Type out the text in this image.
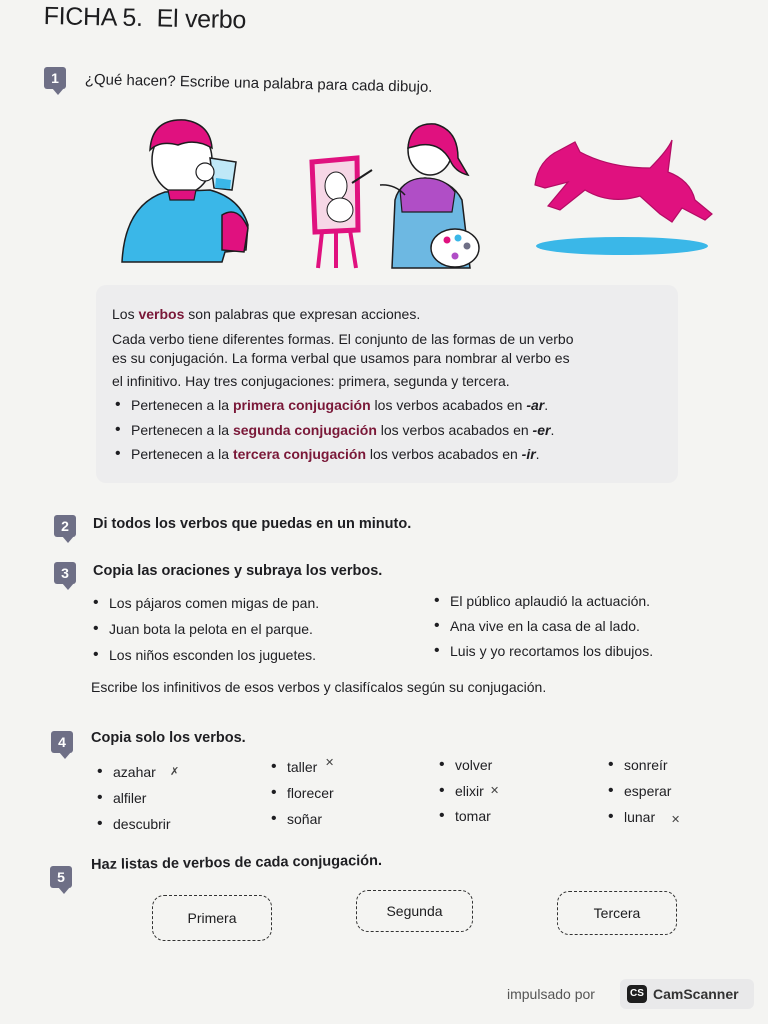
FICHA 5. El verbo
1	¿Qué hacen? Escribe una palabra para cada dibujo.
Los verbos son palabras que expresan acciones.
Cada verbo tiene diferentes formas. El conjunto de las formas de un verbo
es su conjugación. La forma verbal que usamos para nombrar al verbo es
el infinitivo. Hay tres conjugaciones: primera, segunda y tercera.
• Pertenecen a la primera conjugación los verbos acabados en -ar.
• Pertenecen a la segunda conjugación los verbos acabados en -er.
• Pertenecen a la tercera conjugación los verbos acabados en -ir.
2	Di todos los verbos que puedas en un minuto.
3	Copia las oraciones y subraya los verbos.
• Los pájaros comen migas de pan.
• Juan bota la pelota en el parque.
• Los niños esconden los juguetes.
• El público aplaudió la actuación.
• Ana vive en la casa de al lado.
• Luis y yo recortamos los dibujos.
Escribe los infinitivos de esos verbos y clasifícalos según su conjugación.
4	Copia solo los verbos.
• azahar ✗
• alfiler
• descubrir
• taller ✕
• florecer
• soñar
• volver
• elixir ✕
• tomar
• sonreír
• esperar
• lunar ✕
5
Haz listas de verbos de cada conjugación.
Primera	Segunda	Tercera
impulsado por	CS CamScanner
